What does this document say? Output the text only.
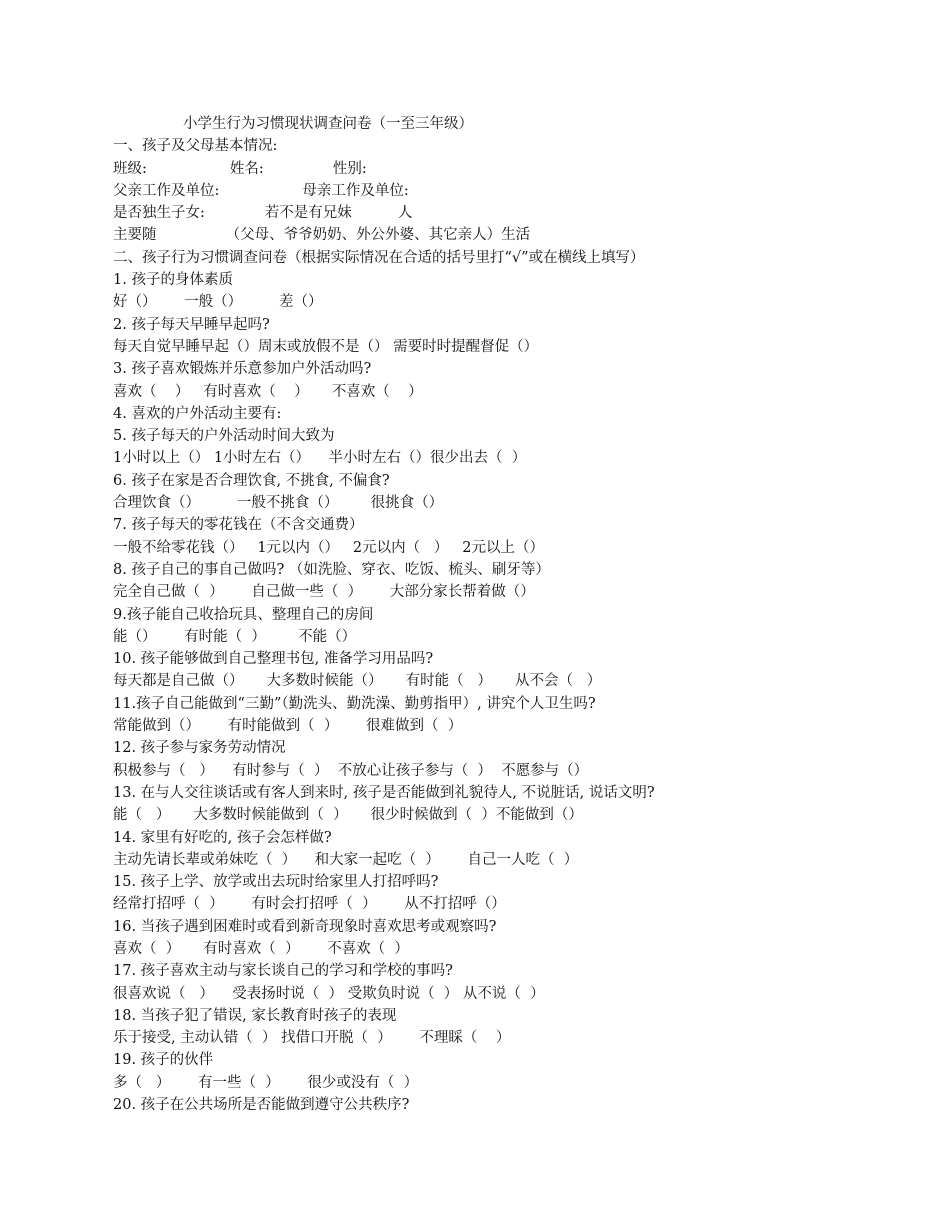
小学生行为习惯现状调查问卷（一至三年级）
一、孩子及父母基本情况:
班级:                  姓名:               性别:
父亲工作及单位:                  母亲工作及单位:
是否独生子女:             若不是有兄妹          人
主要随               （父母、爷爷奶奶、外公外婆、其它亲人）生活
二、孩子行为习惯调查问卷（根据实际情况在合适的括号里打“√”或在横线上填写）
1. 孩子的身体素质
好（）      一般（）        差（）
2. 孩子每天早睡早起吗?
每天自觉早睡早起（）周末或放假不是（） 需要时时提醒督促（）
3. 孩子喜欢锻炼并乐意参加户外活动吗?
喜欢（    ）   有时喜欢（    ）     不喜欢（    ）
4. 喜欢的户外活动主要有:
5. 孩子每天的户外活动时间大致为
1小时以上（） 1小时左右（）    半小时左右（）很少出去（  ）
6. 孩子在家是否合理饮食, 不挑食, 不偏食?
合理饮食（）        一般不挑食（）       很挑食（）
7. 孩子每天的零花钱在（不含交通费）
一般不给零花钱（）   1元以内（）   2元以内（   ）   2元以上（）
8. 孩子自己的事自己做吗? （如洗脸、穿衣、吃饭、梳头、刷牙等）
完全自己做（  ）      自己做一些（  ）      大部分家长帮着做（）
9.孩子能自己收拾玩具、整理自己的房间
能（）      有时能（  ）       不能（）
10. 孩子能够做到自己整理书包, 准备学习用品吗?
每天都是自己做（）     大多数时候能（）     有时能（   ）     从不会（   ）
11.孩子自己能做到“三勤”（勤洗头、勤洗澡、勤剪指甲）, 讲究个人卫生吗?
常能做到（）      有时能做到（  ）      很难做到（  ）
12. 孩子参与家务劳动情况
积极参与（   ）    有时参与（  ）  不放心让孩子参与（  ）  不愿参与（）
13. 在与人交往谈话或有客人到来时, 孩子是否能做到礼貌待人, 不说脏话, 说话文明?
能（   ）     大多数时候能做到（  ）     很少时候做到（  ）不能做到（）
14. 家里有好吃的, 孩子会怎样做?
主动先请长辈或弟妹吃（  ）    和大家一起吃（  ）      自己一人吃（  ）
15. 孩子上学、放学或出去玩时给家里人打招呼吗?
经常打招呼（  ）      有时会打招呼（  ）      从不打招呼（）
16. 当孩子遇到困难时或看到新奇现象时喜欢思考或观察吗?
喜欢（  ）     有时喜欢（  ）      不喜欢（  ）
17. 孩子喜欢主动与家长谈自己的学习和学校的事吗?
很喜欢说（   ）    受表扬时说（  ） 受欺负时说（  ） 从不说（  ）
18. 当孩子犯了错误, 家长教育时孩子的表现
乐于接受, 主动认错（  ） 找借口开脱（  ）      不理睬（    ）
19. 孩子的伙伴
多（   ）      有一些（  ）      很少或没有（  ）
20. 孩子在公共场所是否能做到遵守公共秩序?
